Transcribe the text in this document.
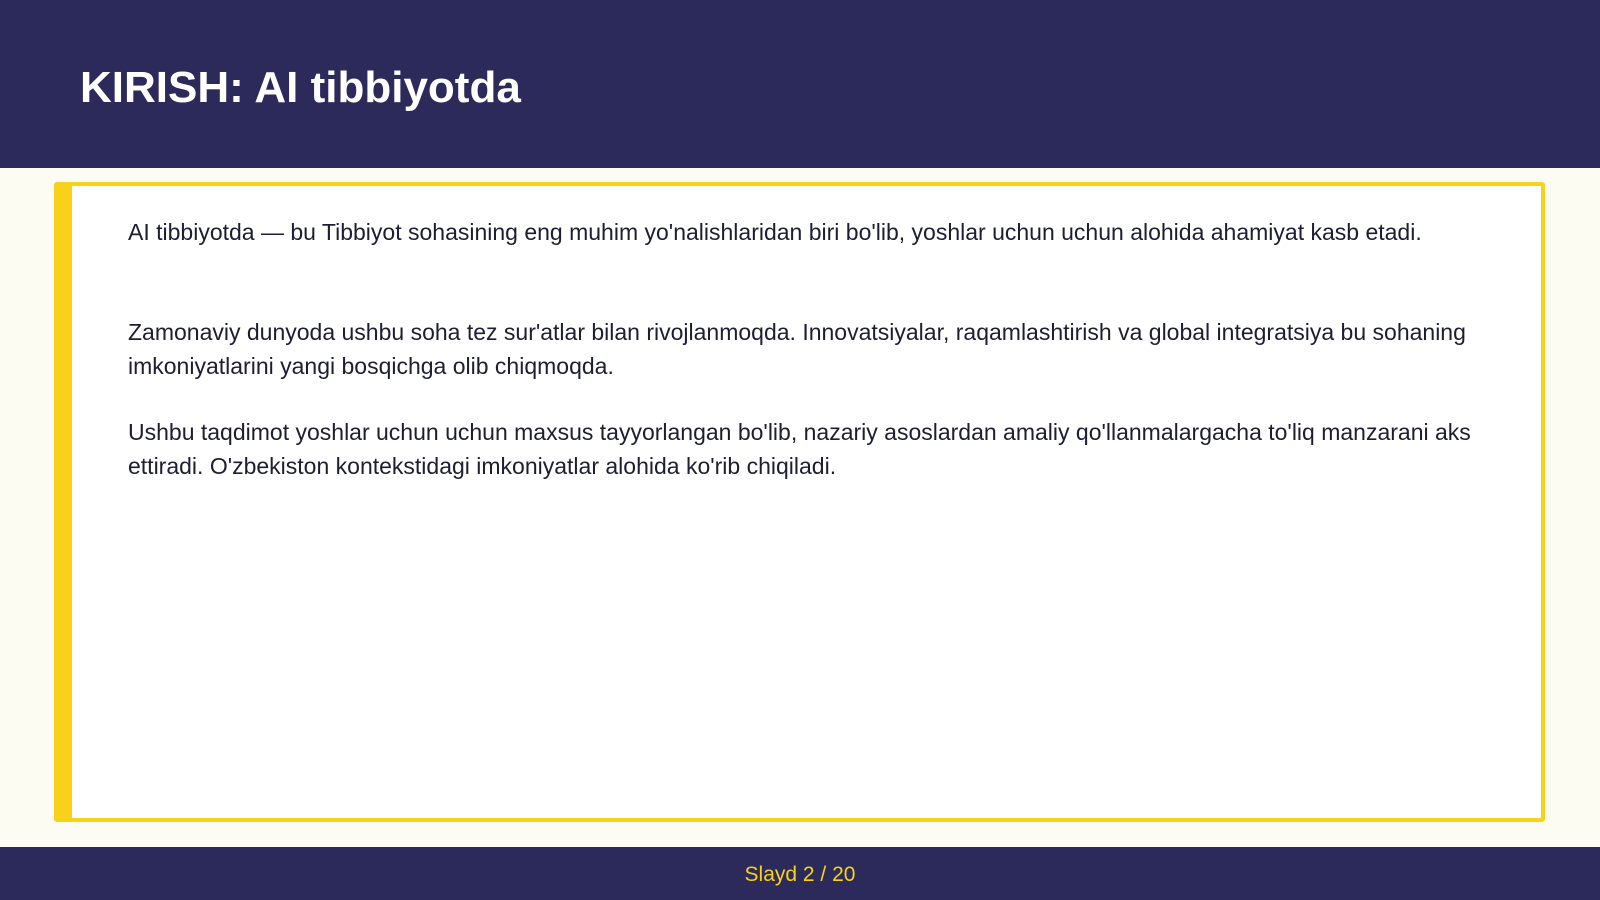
KIRISH: AI tibbiyotda

AI tibbiyotda — bu Tibbiyot sohasining eng muhim yo'nalishlaridan biri bo'lib, yoshlar uchun uchun alohida ahamiyat kasb etadi.

Zamonaviy dunyoda ushbu soha tez sur'atlar bilan rivojlanmoqda. Innovatsiyalar, raqamlashtirish va global integratsiya bu sohaning imkoniyatlarini yangi bosqichga olib chiqmoqda.

Ushbu taqdimot yoshlar uchun uchun maxsus tayyorlangan bo'lib, nazariy asoslardan amaliy qo'llanmalargacha to'liq manzarani aks ettiradi. O'zbekiston kontekstidagi imkoniyatlar alohida ko'rib chiqiladi.

Slayd 2 / 20
